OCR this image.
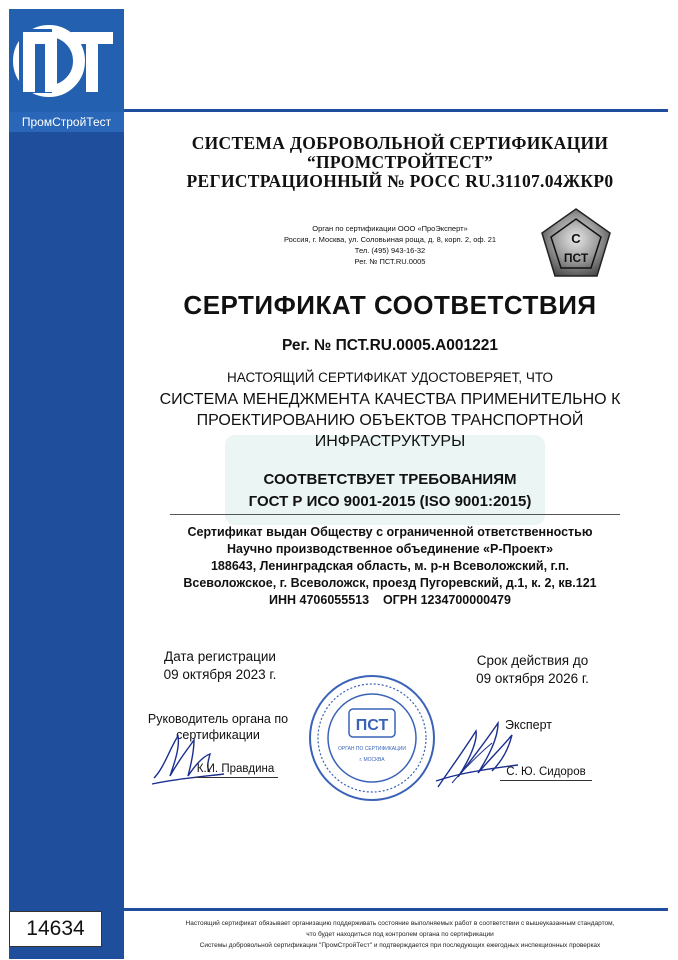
ПромСтройТест
14634
СИСТЕМА ДОБРОВОЛЬНОЙ СЕРТИФИКАЦИИ
“ПРОМСТРОЙТЕСТ”
РЕГИСТРАЦИОННЫЙ № РОСС RU.31107.04ЖКР0
Орган по сертификации ООО «ПроЭксперт»
Россия, г. Москва, ул. Соловьиная роща, д. 8, корп. 2, оф. 21
Тел. (495) 943-16-32
Рег. № ПСТ.RU.0005
С
ПСТ
СЕРТИФИКАТ СООТВЕТСТВИЯ
Рег. № ПСТ.RU.0005.А001221
НАСТОЯЩИЙ СЕРТИФИКАТ УДОСТОВЕРЯЕТ, ЧТО
СИСТЕМА МЕНЕДЖМЕНТА КАЧЕСТВА ПРИМЕНИТЕЛЬНО К
ПРОЕКТИРОВАНИЮ ОБЪЕКТОВ ТРАНСПОРТНОЙ
ИНФРАСТРУКТУРЫ
СООТВЕТСТВУЕТ ТРЕБОВАНИЯМ
ГОСТ Р ИСО 9001-2015 (ISO 9001:2015)
Сертификат выдан Обществу с ограниченной ответственностью
Научно производственное объединение «Р-Проект»
188643, Ленинградская область, м. р-н Всеволожский, г.п.
Всеволожское, г. Всеволожск, проезд Пугоревский, д.1, к. 2, кв.121
ИНН 4706055513    ОГРН 1234700000479
Дата регистрации
09 октября 2023 г.
Срок действия до
09 октября 2026 г.
Руководитель органа по
сертификации
К.И. Правдина
Эксперт
С. Ю. Сидоров
ПСТ
ОРГАН ПО СЕРТИФИКАЦИИ
г. МОСКВА
Настоящий сертификат обязывает организацию поддерживать состояние выполняемых работ в соответствии с вышеуказанным стандартом,
что будет находиться под контролем органа по сертификации
Системы добровольной сертификации "ПромСтройТест" и подтверждается при последующих ежегодных инспекционных проверках
